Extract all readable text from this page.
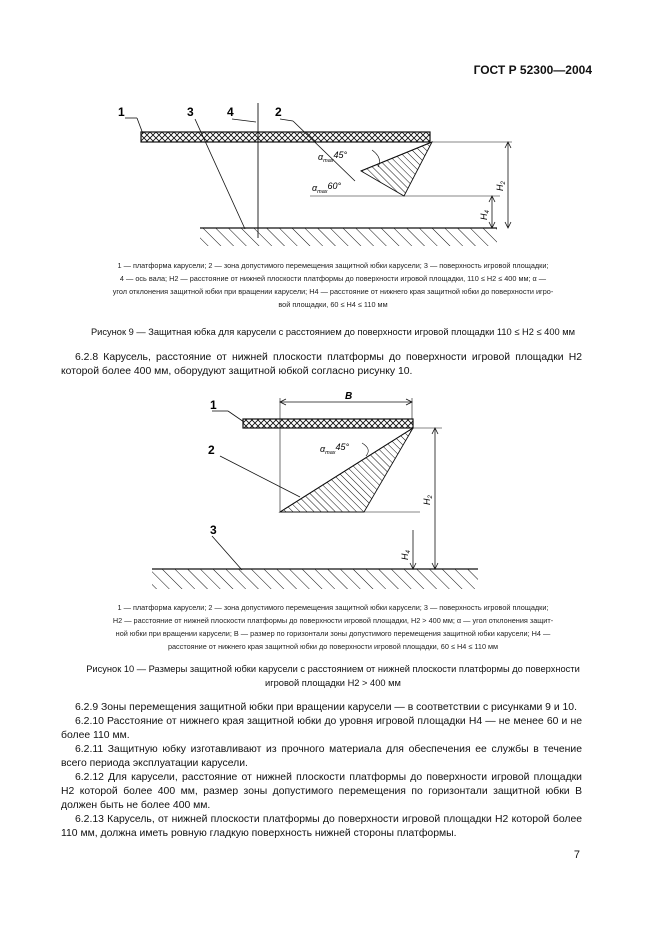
ГОСТ Р 52300—2004
$\alpha_{max}45^\circ$
$\alpha_{max}60^\circ$	$H_2$
$H_4$
1	3	4	2
1 — платформа карусели; 2 — зона допустимого перемещения защитной юбки карусели; 3 — поверхность игровой площадки;
4 — ось вала; H2 — расстояние от нижней плоскости платформы до поверхности игровой площадки, 110 ≤ H2 ≤ 400 мм; α —
угол отклонения защитной юбки при вращении карусели; H4 — расстояние от нижнего края защитной юбки до поверхности игро-
вой площадки, 60 ≤ H4 ≤ 110 мм
Рисунок 9 — Защитная юбка для карусели с расстоянием до поверхности игровой площадки 110 ≤ H2 ≤ 400 мм

6.2.8 Карусель, расстояние от нижней плоскости платформы до поверхности игровой площадки H2 которой более 400 мм, оборудуют защитной юбкой согласно рисунку 10.

B
$\alpha_{max}45^\circ$
$H_2$
$H_4$
1
2
3
1 — платформа карусели; 2 — зона допустимого перемещения защитной юбки карусели; 3 — поверхность игровой площадки;
H2 — расстояние от нижней плоскости платформы до поверхности игровой площадки, H2 > 400 мм; α — угол отклонения защит-
ной юбки при вращении карусели; B — размер по горизонтали зоны допустимого перемещения защитной юбки карусели; H4 —
расстояние от нижнего края защитной юбки до поверхности игровой площадки, 60 ≤ H4 ≤ 110 мм
Рисунок 10 — Размеры защитной юбки карусели с расстоянием от нижней плоскости платформы до поверхности
игровой площадки H2 > 400 мм

6.2.9 Зоны перемещения защитной юбки при вращении карусели — в соответствии с рисунками 9 и 10.

6.2.10 Расстояние от нижнего края защитной юбки до уровня игровой площадки H4 — не менее 60 и не более 110 мм.

6.2.11 Защитную юбку изготавливают из прочного материала для обеспечения ее службы в течение всего периода эксплуатации карусели.

6.2.12 Для карусели, расстояние от нижней плоскости платформы до поверхности игровой площадки H2 которой более 400 мм, размер зоны допустимого перемещения по горизонтали защитной юбки B должен быть не более 400 мм.

6.2.13 Карусель, от нижней плоскости платформы до поверхности игровой площадки H2 которой более 110 мм, должна иметь ровную гладкую поверхность нижней стороны платформы.

7
